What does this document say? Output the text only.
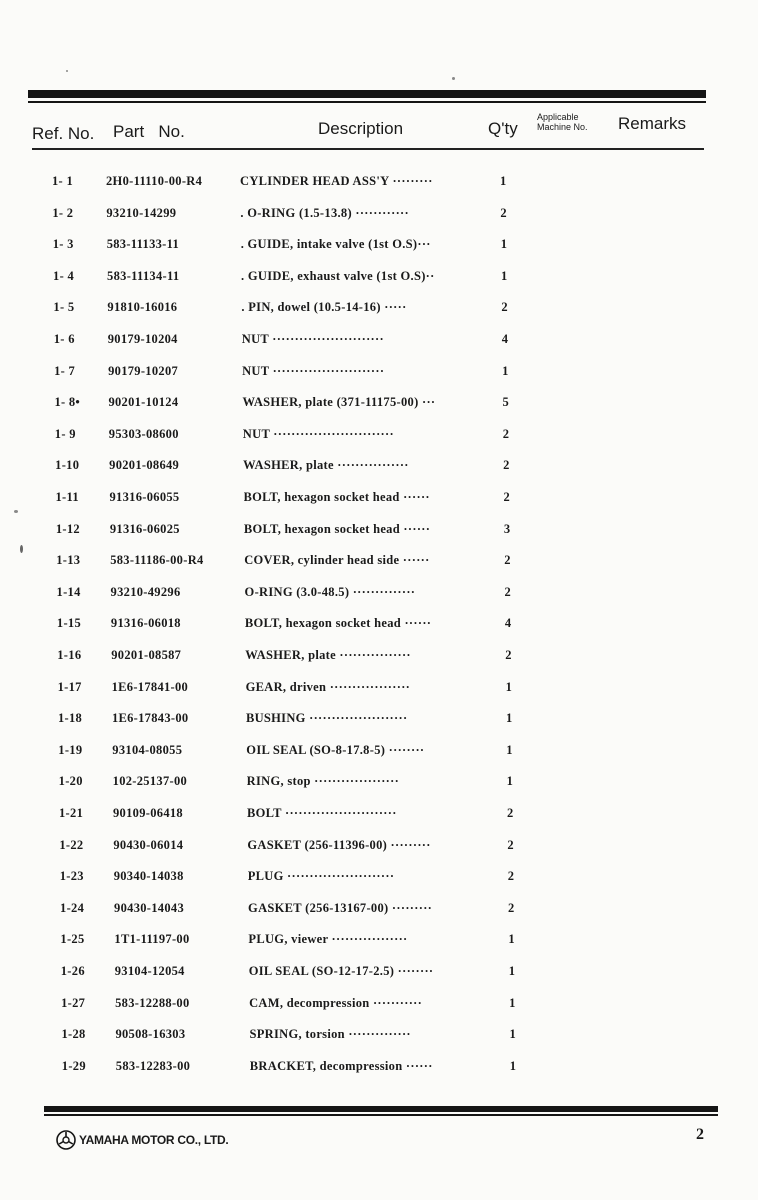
Ref. No. Part No.	Description	Q'ty
Applicable
Machine No.	Remarks
1- 1	2H0-11110-00-R4	CYLINDER HEAD ASS'Y ·········	1
1- 2	93210-14299	. O-RING (1.5-13.8) ············	2
1- 3	583-11133-11	. GUIDE, intake valve (1st O.S)···	1
1- 4	583-11134-11	. GUIDE, exhaust valve (1st O.S)··	1
1- 5	91810-16016	. PIN, dowel (10.5-14-16) ·····	2
1- 6	90179-10204	NUT ·························	4
1- 7	90179-10207	NUT ·························	1
1- 8•	90201-10124	WASHER, plate (371-11175-00) ···	5
1- 9	95303-08600	NUT ···························	2
1-10	90201-08649	WASHER, plate ················	2
1-11	91316-06055	BOLT, hexagon socket head ······	2
1-12	91316-06025	BOLT, hexagon socket head ······	3
1-13	583-11186-00-R4	COVER, cylinder head side ······	2
1-14	93210-49296	O-RING (3.0-48.5) ··············	2
1-15	91316-06018	BOLT, hexagon socket head ······	4
1-16	90201-08587	WASHER, plate ················	2
1-17	1E6-17841-00	GEAR, driven ··················	1
1-18	1E6-17843-00	BUSHING ······················	1
1-19	93104-08055	OIL SEAL (SO-8-17.8-5) ········	1
1-20	102-25137-00	RING, stop ···················	1
1-21	90109-06418	BOLT ·························	2
1-22	90430-06014	GASKET (256-11396-00) ·········	2
1-23	90340-14038	PLUG ························	2
1-24	90430-14043	GASKET (256-13167-00) ·········	2
1-25	1T1-11197-00	PLUG, viewer ·················	1
1-26	93104-12054	OIL SEAL (SO-12-17-2.5) ········	1
1-27	583-12288-00	CAM, decompression ···········	1
1-28	90508-16303	SPRING, torsion ··············	1
1-29	583-12283-00	BRACKET, decompression ······	1
YAMAHA MOTOR CO., LTD.	2
